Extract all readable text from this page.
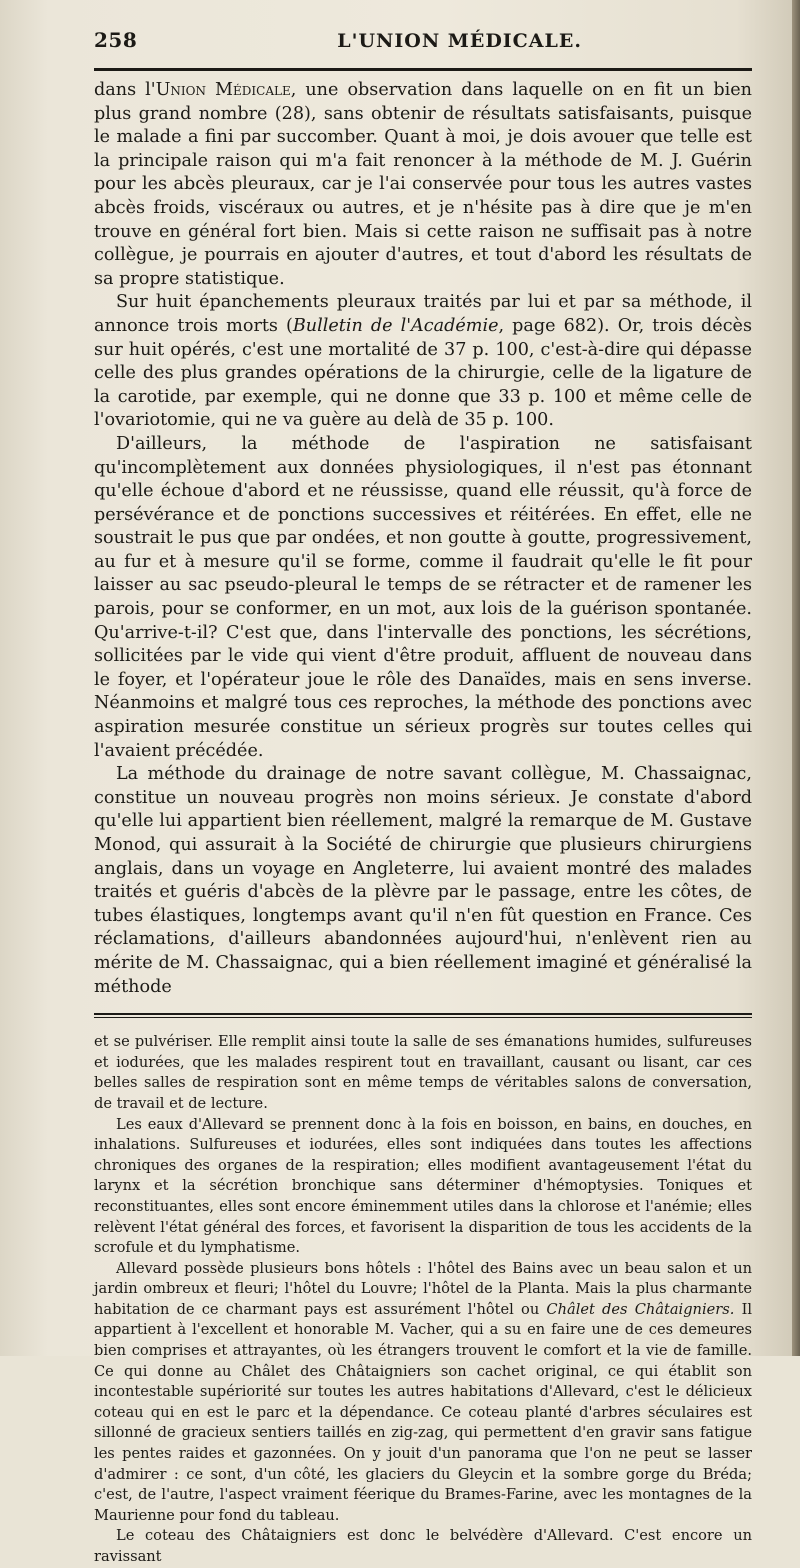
258	L'UNION MÉDICALE.

dans l'Union Médicale, une observation dans laquelle on en fit un bien plus grand nombre (28), sans obtenir de résultats satisfaisants, puisque le malade a fini par succomber. Quant à moi, je dois avouer que telle est la principale raison qui m'a fait renoncer à la méthode de M. J. Guérin pour les abcès pleuraux, car je l'ai conservée pour tous les autres vastes abcès froids, viscéraux ou autres, et je n'hésite pas à dire que je m'en trouve en général fort bien. Mais si cette raison ne suffisait pas à notre collègue, je pourrais en ajouter d'autres, et tout d'abord les résultats de sa propre statistique.

Sur huit épanchements pleuraux traités par lui et par sa méthode, il annonce trois morts (Bulletin de l'Académie, page 682). Or, trois décès sur huit opérés, c'est une mortalité de 37 p. 100, c'est-à-dire qui dépasse celle des plus grandes opérations de la chirurgie, celle de la ligature de la carotide, par exemple, qui ne donne que 33 p. 100 et même celle de l'ovariotomie, qui ne va guère au delà de 35 p. 100.

D'ailleurs, la méthode de l'aspiration ne satisfaisant qu'incomplètement aux données physiologiques, il n'est pas étonnant qu'elle échoue d'abord et ne réussisse, quand elle réussit, qu'à force de persévérance et de ponctions successives et réitérées. En effet, elle ne soustrait le pus que par ondées, et non goutte à goutte, progressivement, au fur et à mesure qu'il se forme, comme il faudrait qu'elle le fit pour laisser au sac pseudo-pleural le temps de se rétracter et de ramener les parois, pour se conformer, en un mot, aux lois de la guérison spontanée. Qu'arrive-t-il? C'est que, dans l'intervalle des ponctions, les sécrétions, sollicitées par le vide qui vient d'être produit, affluent de nouveau dans le foyer, et l'opérateur joue le rôle des Danaïdes, mais en sens inverse. Néanmoins et malgré tous ces reproches, la méthode des ponctions avec aspiration mesurée constitue un sérieux progrès sur toutes celles qui l'avaient précédée.

La méthode du drainage de notre savant collègue, M. Chassaignac, constitue un nouveau progrès non moins sérieux. Je constate d'abord qu'elle lui appartient bien réellement, malgré la remarque de M. Gustave Monod, qui assurait à la Société de chirurgie que plusieurs chirurgiens anglais, dans un voyage en Angleterre, lui avaient montré des malades traités et guéris d'abcès de la plèvre par le passage, entre les côtes, de tubes élastiques, longtemps avant qu'il n'en fût question en France. Ces réclamations, d'ailleurs abandonnées aujourd'hui, n'enlèvent rien au mérite de M. Chassaignac, qui a bien réellement imaginé et généralisé la méthode

et se pulvériser. Elle remplit ainsi toute la salle de ses émanations humides, sulfureuses et iodurées, que les malades respirent tout en travaillant, causant ou lisant, car ces belles salles de respiration sont en même temps de véritables salons de conversation, de travail et de lecture.

Les eaux d'Allevard se prennent donc à la fois en boisson, en bains, en douches, en inhalations. Sulfureuses et iodurées, elles sont indiquées dans toutes les affections chroniques des organes de la respiration; elles modifient avantageusement l'état du larynx et la sécrétion bronchique sans déterminer d'hémoptysies. Toniques et reconstituantes, elles sont encore éminemment utiles dans la chlorose et l'anémie; elles relèvent l'état général des forces, et favorisent la disparition de tous les accidents de la scrofule et du lymphatisme.

Allevard possède plusieurs bons hôtels : l'hôtel des Bains avec un beau salon et un jardin ombreux et fleuri; l'hôtel du Louvre; l'hôtel de la Planta. Mais la plus charmante habitation de ce charmant pays est assurément l'hôtel ou Châlet des Châtaigniers. Il appartient à l'excellent et honorable M. Vacher, qui a su en faire une de ces demeures bien comprises et attrayantes, où les étrangers trouvent le comfort et la vie de famille. Ce qui donne au Châlet des Châtaigniers son cachet original, ce qui établit son incontestable supériorité sur toutes les autres habitations d'Allevard, c'est le délicieux coteau qui en est le parc et la dépendance. Ce coteau planté d'arbres séculaires est sillonné de gracieux sentiers taillés en zig-zag, qui permettent d'en gravir sans fatigue les pentes raides et gazonnées. On y jouit d'un panorama que l'on ne peut se lasser d'admirer : ce sont, d'un côté, les glaciers du Gleycin et la sombre gorge du Bréda; c'est, de l'autre, l'aspect vraiment féerique du Brames-Farine, avec les montagnes de la Maurienne pour fond du tableau.

Le coteau des Châtaigniers est donc le belvédère d'Allevard. C'est encore un ravissant
